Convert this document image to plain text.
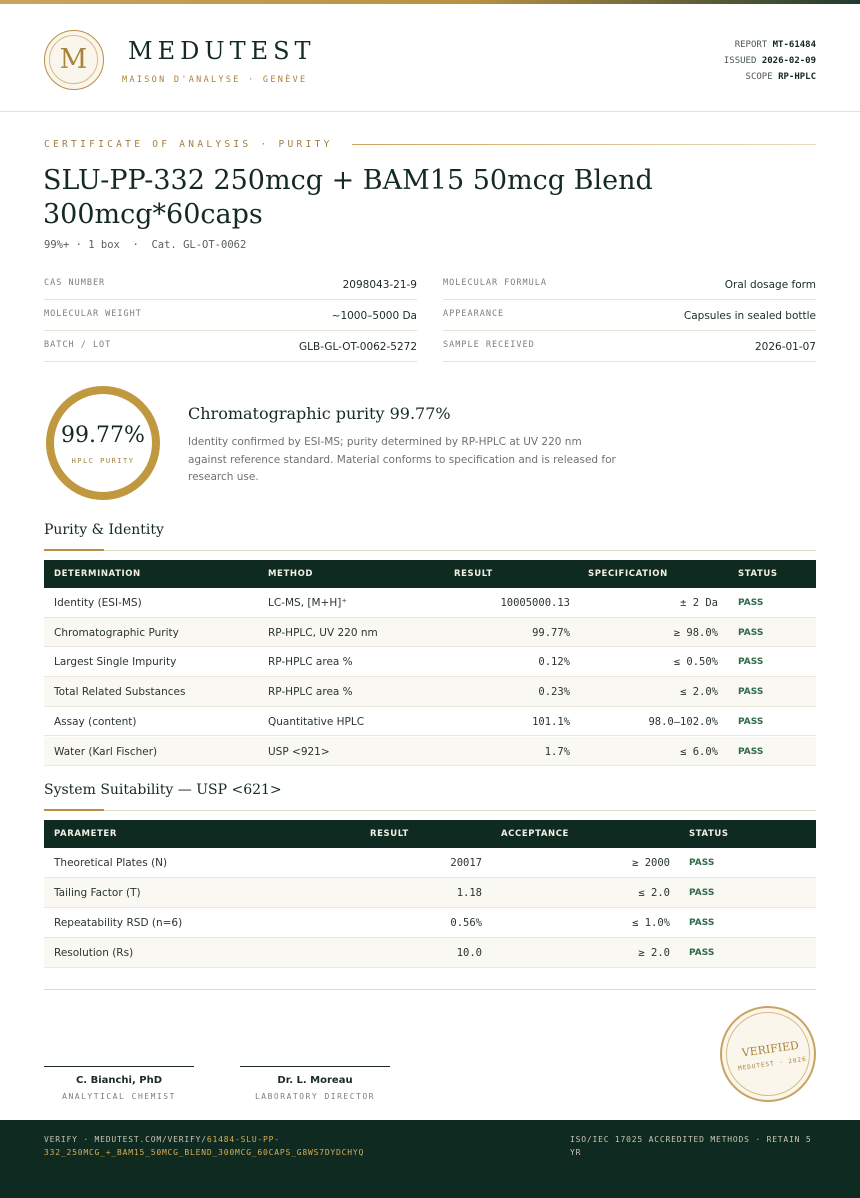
M	MEDUTEST
MAISON D'ANALYSE · GENÈVE
REPORT MT-61484
ISSUED 2026-02-09
SCOPE RP-HPLC
CERTIFICATE OF ANALYSIS · PURITY
SLU-PP-332 250mcg + BAM15 50mcg Blend 300mcg*60caps
99%+ · 1 box  ·  Cat. GL-OT-0062
CAS NUMBER	2098043-21-9	MOLECULAR FORMULA	Oral dosage form
MOLECULAR WEIGHT	~1000–5000 Da	APPEARANCE	Capsules in sealed bottle
BATCH / LOT	GLB-GL-OT-0062-5272	SAMPLE RECEIVED	2026-01-07
99.77%
HPLC PURITY
Chromatographic purity 99.77%
Identity confirmed by ESI-MS; purity determined by RP-HPLC at UV 220 nm against reference standard. Material conforms to specification and is released for research use.
Purity & Identity
DETERMINATION	METHOD	RESULT	SPECIFICATION	STATUS
Identity (ESI-MS)	LC-MS, [M+H]⁺	10005000.13	± 2 Da PASS
Chromatographic Purity	RP-HPLC, UV 220 nm	99.77%	≥ 98.0% PASS
Largest Single Impurity	RP-HPLC area %	0.12%	≤ 0.50% PASS
Total Related Substances	RP-HPLC area %	0.23%	≤ 2.0% PASS
Assay (content)	Quantitative HPLC	101.1%	98.0–102.0% PASS
Water (Karl Fischer)	USP <921>	1.7%	≤ 6.0% PASS
System Suitability — USP <621>
PARAMETER	RESULT	ACCEPTANCE	STATUS
Theoretical Plates (N)	20017	≥ 2000 PASS
Tailing Factor (T)	1.18	≤ 2.0 PASS
Repeatability RSD (n=6)	0.56%	≤ 1.0% PASS
Resolution (Rs)	10.0	≥ 2.0 PASS
C. Bianchi, PhD
ANALYTICAL CHEMIST
Dr. L. Moreau
LABORATORY DIRECTOR
VERIFIED
MEDUTEST · 2026
VERIFY · MEDUTEST.COM/VERIFY/61484-SLU-PP-332_250MCG_+_BAM15_50MCG_BLEND_300MCG_60CAPS_G8WS7DYDCHYQ
ISO/IEC 17025 ACCREDITED METHODS · RETAIN 5 YR
